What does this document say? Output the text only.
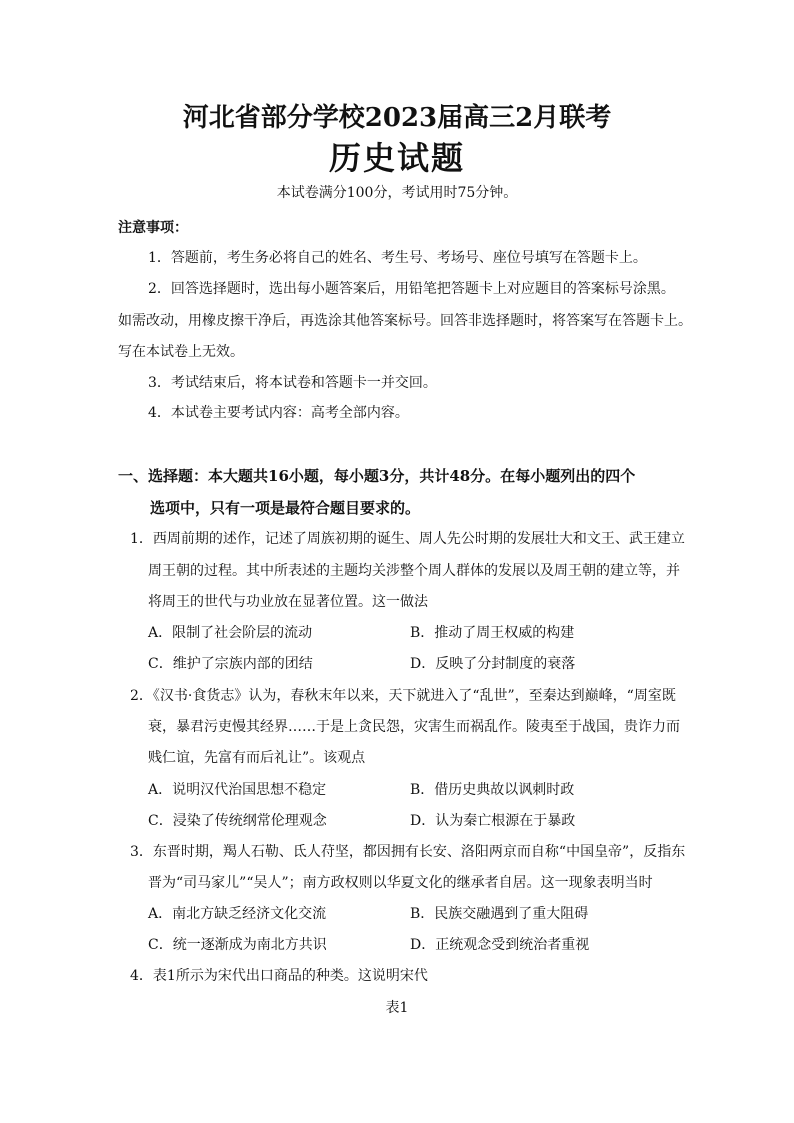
河北省部分学校2023届高三2月联考
历史试题
本试卷满分100分，考试用时75分钟。
注意事项：
1．答题前，考生务必将自己的姓名、考生号、考场号、座位号填写在答题卡上。
2．回答选择题时，选出每小题答案后，用铅笔把答题卡上对应题目的答案标号涂黑。
如需改动，用橡皮擦干净后，再选涂其他答案标号。回答非选择题时，将答案写在答题卡上。
写在本试卷上无效。
3．考试结束后，将本试卷和答题卡一并交回。
4．本试卷主要考试内容：高考全部内容。
一、选择题：本大题共16小题，每小题3分，共计48分。在每小题列出的四个
选项中，只有一项是最符合题目要求的。
1．西周前期的述作，记述了周族初期的诞生、周人先公时期的发展壮大和文王、武王建立
周王朝的过程。其中所表述的主题均关涉整个周人群体的发展以及周王朝的建立等，并
将周王的世代与功业放在显著位置。这一做法
A．限制了社会阶层的流动	B．推动了周王权威的构建
C．维护了宗族内部的团结	D．反映了分封制度的衰落
2．《汉书·食货志》认为，春秋末年以来，天下就进入了“乱世”，至秦达到巅峰，“周室既
衰，暴君污吏慢其经界……于是上贪民怨，灾害生而祸乱作。陵夷至于战国，贵诈力而
贱仁谊，先富有而后礼让”。该观点
A．说明汉代治国思想不稳定	B．借历史典故以讽刺时政
C．浸染了传统纲常伦理观念	D．认为秦亡根源在于暴政
3．东晋时期，羯人石勒、氐人苻坚，都因拥有长安、洛阳两京而自称“中国皇帝”，反指东
晋为“司马家儿”“吴人”；南方政权则以华夏文化的继承者自居。这一现象表明当时
A．南北方缺乏经济文化交流	B．民族交融遇到了重大阻碍
C．统一逐渐成为南北方共识	D．正统观念受到统治者重视
4．表1所示为宋代出口商品的种类。这说明宋代
表1
